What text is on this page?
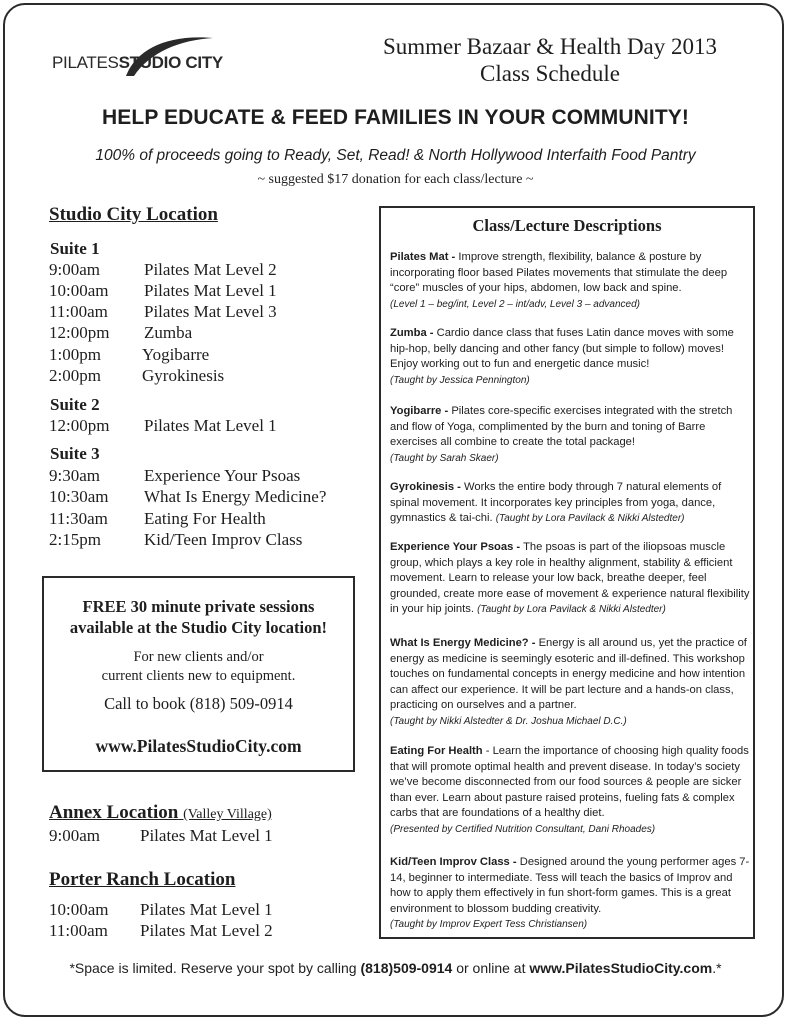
PILATESSTUDIO CITY
Summer Bazaar & Health Day 2013
Class Schedule
HELP EDUCATE & FEED FAMILIES IN YOUR COMMUNITY!
100% of proceeds going to Ready, Set, Read! & North Hollywood Interfaith Food Pantry
~ suggested $17 donation for each class/lecture ~
Studio City Location
Suite 1
9:00am	Pilates Mat Level 2
10:00am Pilates Mat Level 1
11:00am Pilates Mat Level 3
12:00pm Zumba
1:00pm Yogibarre
2:00pm Gyrokinesis
Suite 2
12:00pm Pilates Mat Level 1
Suite 3
9:30am	Experience Your Psoas
10:30am What Is Energy Medicine?
11:30am Eating For Health
2:15pm	Kid/Teen Improv Class
FREE 30 minute private sessions
available at the Studio City location!
For new clients and/or
current clients new to equipment.
Call to book (818) 509-0914
www.PilatesStudioCity.com
Annex Location (Valley Village)
9:00am Pilates Mat Level 1
Porter Ranch Location
10:00am Pilates Mat Level 1
11:00am Pilates Mat Level 2
Class/Lecture Descriptions
Pilates Mat - Improve strength, flexibility, balance & posture by incorporating floor based Pilates movements that stimulate the deep “core” muscles of your hips, abdomen, low back and spine.
(Level 1 – beg/int, Level 2 – int/adv, Level 3 – advanced)
Zumba - Cardio dance class that fuses Latin dance moves with some hip-hop, belly dancing and other fancy (but simple to follow) moves! Enjoy working out to fun and energetic dance music!
(Taught by Jessica Pennington)
Yogibarre - Pilates core-specific exercises integrated with the stretch and flow of Yoga, complimented by the burn and toning of Barre exercises all combine to create the total package!
(Taught by Sarah Skaer)
Gyrokinesis - Works the entire body through 7 natural elements of spinal movement. It incorporates key principles from yoga, dance, gymnastics & tai-chi. (Taught by Lora Pavilack & Nikki Alstedter)
Experience Your Psoas - The psoas is part of the iliopsoas muscle group, which plays a key role in healthy alignment, stability & efficient movement. Learn to release your low back, breathe deeper, feel grounded, create more ease of movement & experience natural flexibility in your hip joints. (Taught by Lora Pavilack & Nikki Alstedter)
What Is Energy Medicine? - Energy is all around us, yet the practice of energy as medicine is seemingly esoteric and ill-defined. This workshop touches on fundamental concepts in energy medicine and how intention can affect our experience. It will be part lecture and a hands-on class, practicing on ourselves and a partner.
(Taught by Nikki Alstedter & Dr. Joshua Michael D.C.)
Eating For Health - Learn the importance of choosing high quality foods that will promote optimal health and prevent disease. In today’s society we’ve become disconnected from our food sources & people are sicker than ever. Learn about pasture raised proteins, fueling fats & complex carbs that are foundations of a healthy diet.
(Presented by Certified Nutrition Consultant, Dani Rhoades)
Kid/Teen Improv Class - Designed around the young performer ages 7-14, beginner to intermediate. Tess will teach the basics of Improv and how to apply them effectively in fun short-form games. This is a great environment to blossom budding creativity.
(Taught by Improv Expert Tess Christiansen)
*Space is limited. Reserve your spot by calling (818)509-0914 or online at www.PilatesStudioCity.com.*
